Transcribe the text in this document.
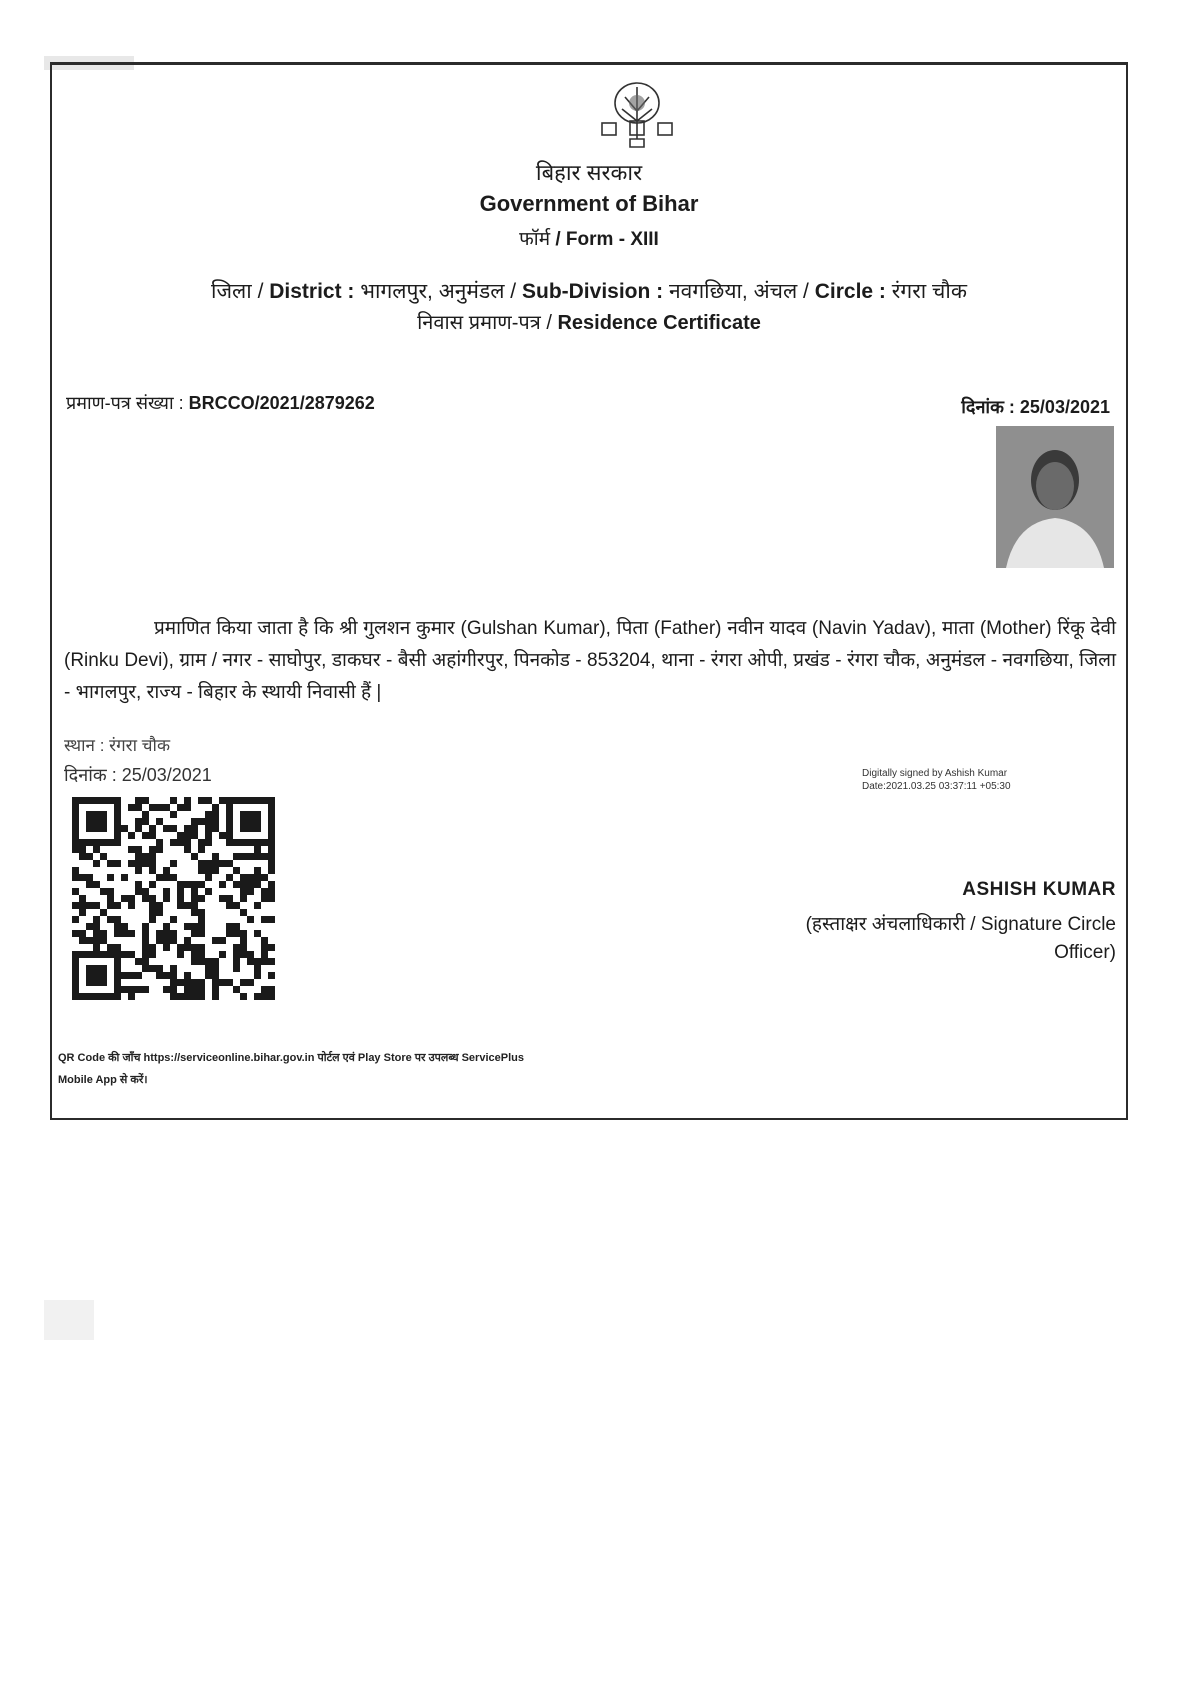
बिहार सरकार
Government of Bihar
फॉर्म / Form - XIII
जिला / District : भागलपुर, अनुमंडल / Sub-Division : नवगछिया, अंचल / Circle : रंगरा चौक
निवास प्रमाण-पत्र / Residence Certificate
प्रमाण-पत्र संख्या : BRCCO/2021/2879262	दिनांक : 25/03/2021
प्रमाणित किया जाता है कि श्री गुलशन कुमार (Gulshan Kumar), पिता (Father) नवीन यादव (Navin Yadav), माता (Mother) रिंकू देवी (Rinku Devi), ग्राम / नगर - साघोपुर, डाकघर - बैसी अहांगीरपुर, पिनकोड - 853204, थाना - रंगरा ओपी, प्रखंड - रंगरा चौक, अनुमंडल - नवगछिया, जिला - भागलपुर, राज्य - बिहार के स्थायी निवासी हैं |
स्थान : रंगरा चौक
दिनांक : 25/03/2021	Digitally signed by Ashish Kumar
Date:2021.03.25 03:37:11 +05:30
ASHISH KUMAR
(हस्ताक्षर अंचलाधिकारी / Signature Circle
Officer)
QR Code की जाँच https://serviceonline.bihar.gov.in पोर्टल एवं Play Store पर उपलब्ध ServicePlus
Mobile App से करें।
